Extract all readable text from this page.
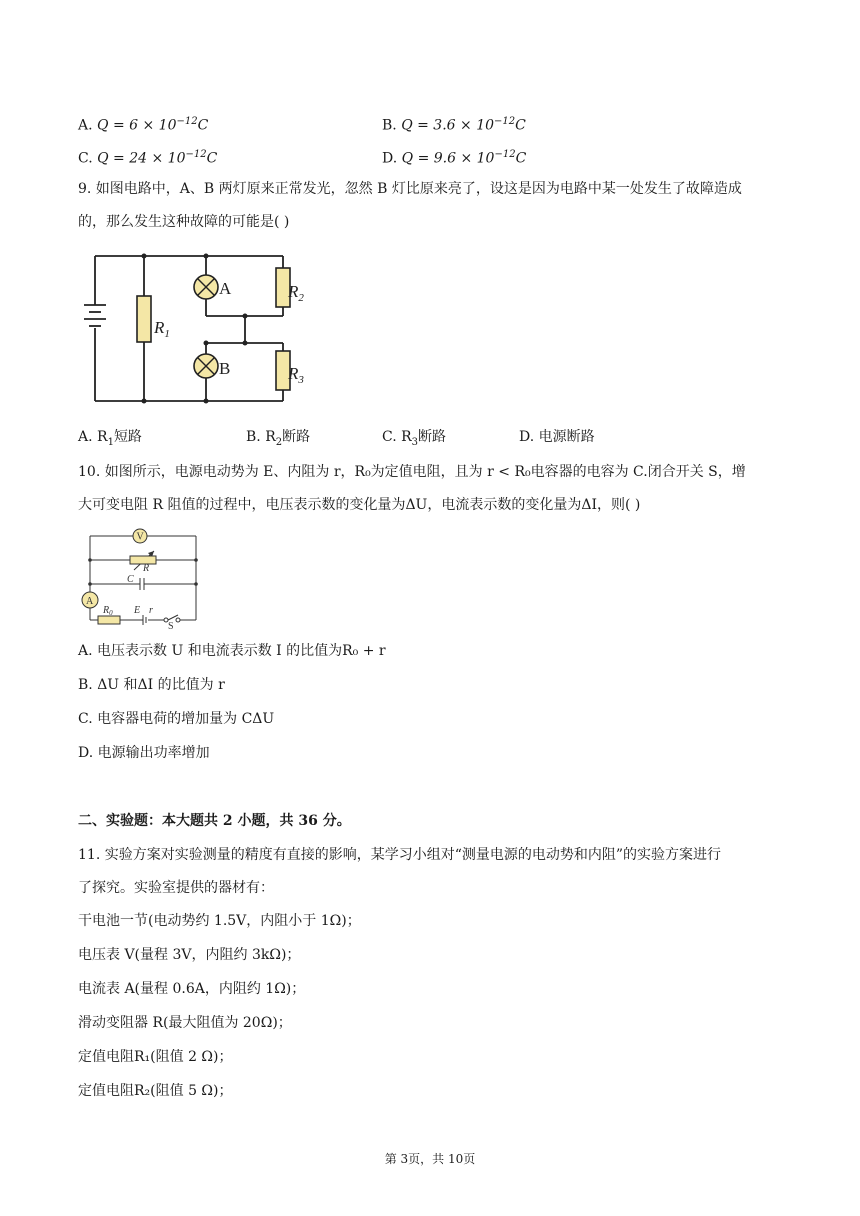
A. $Q = 6 \times 10^{-12}C$	B. $Q = 3.6 \times 10^{-12}C$
C. $Q = 24 \times 10^{-12}C$	D. $Q = 9.6 \times 10^{-12}C$
9. 如图电路中，A、B 两灯原来正常发光，忽然 B 灯比原来亮了，设这是因为电路中某一处发生了故障造成
的，那么发生这种故障的可能是( )
A
B
$R_1$
$R_2$
$R_3$
A. $R_1$短路	B. $R_2$断路	C. $R_3$断路	D. 电源断路
10. 如图所示，电源电动势为 E、内阻为 r，R₀为定值电阻，且为 r < R₀电容器的电容为 C.闭合开关 S，增
大可变电阻 R 阻值的过程中，电压表示数的变化量为ΔU，电流表示数的变化量为ΔI，则( )
V
A
R
C
$R_0$ E r
S
A. 电压表示数 U 和电流表示数 I 的比值为R₀ + r
B. ΔU 和ΔI 的比值为 r
C. 电容器电荷的增加量为 CΔU
D. 电源输出功率增加
二、实验题：本大题共 2 小题，共 36 分。
11. 实验方案对实验测量的精度有直接的影响，某学习小组对“测量电源的电动势和内阻”的实验方案进行
了探究。实验室提供的器材有：
干电池一节(电动势约 1.5V，内阻小于 1Ω)；
电压表 V(量程 3V，内阻约 3kΩ)；
电流表 A(量程 0.6A，内阻约 1Ω)；
滑动变阻器 R(最大阻值为 20Ω)；
定值电阻R₁(阻值 2 Ω)；
定值电阻R₂(阻值 5 Ω)；
第 3页，共 10页
